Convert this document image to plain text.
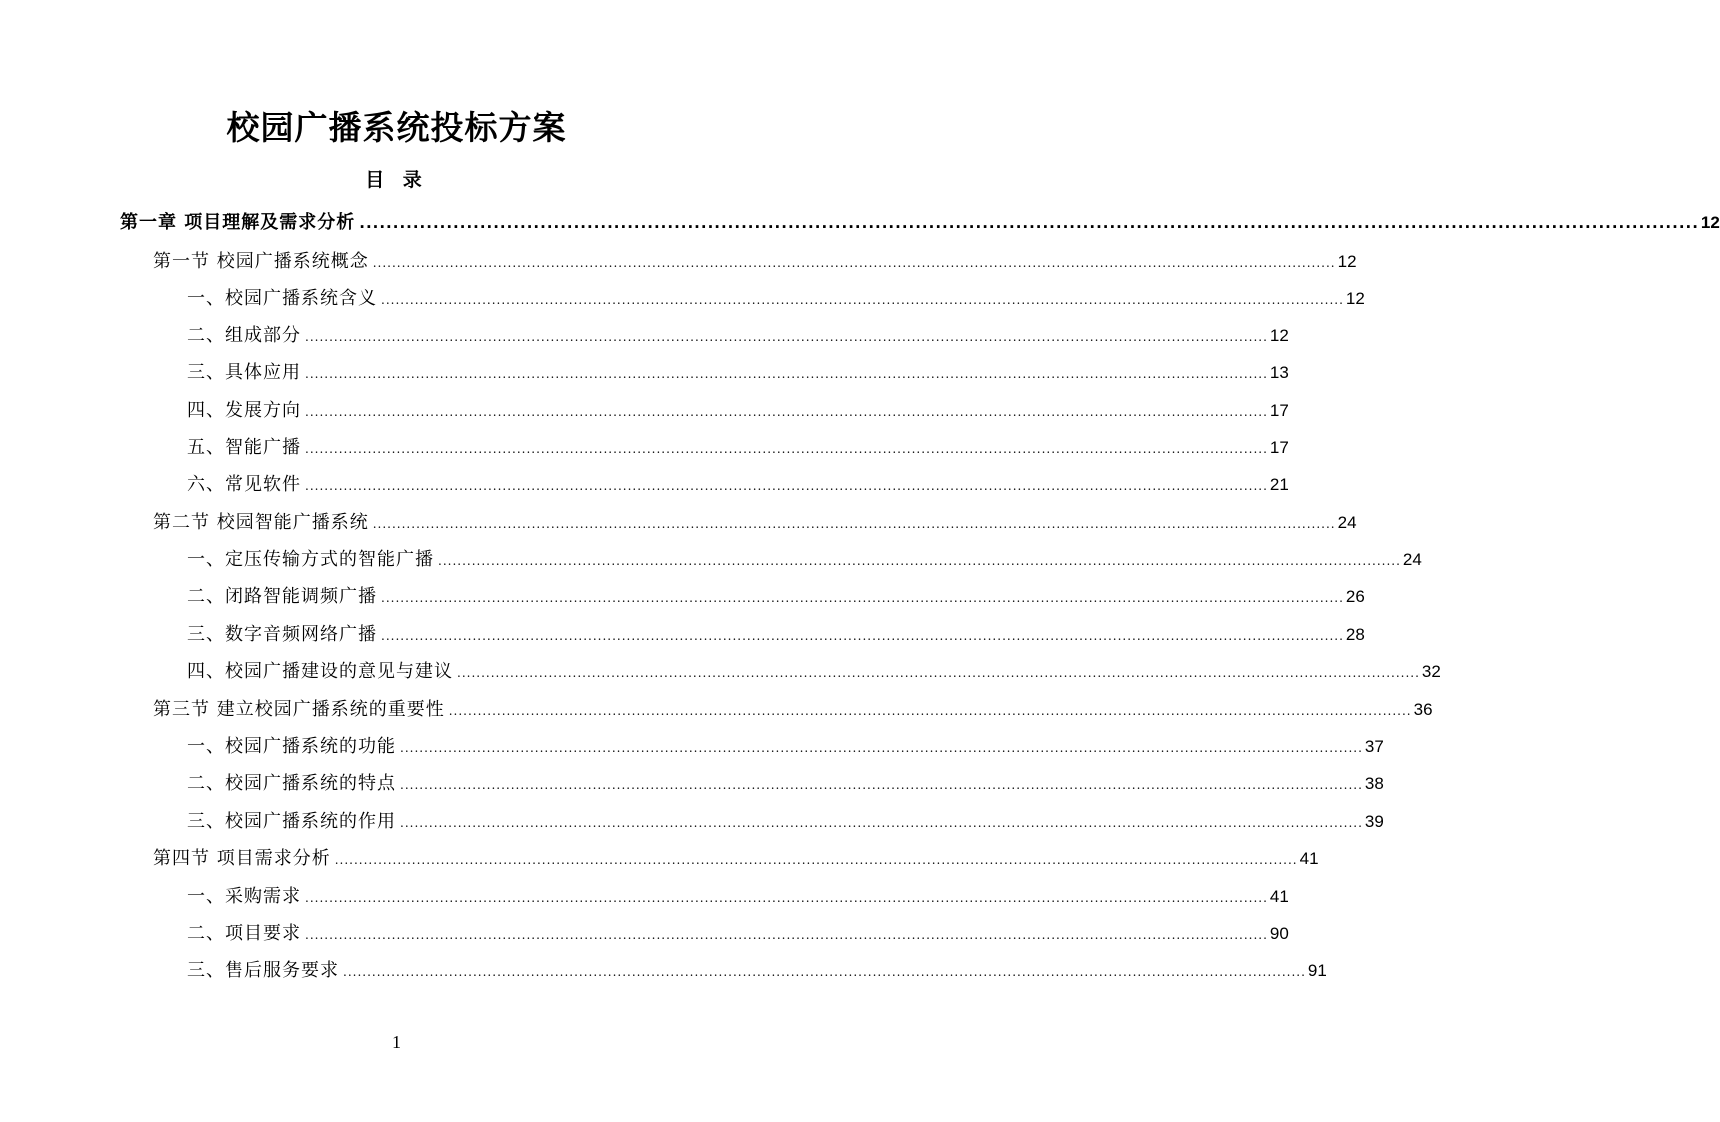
校园广播系统投标方案
目 录
第一章 项目理解及需求分析 ........................................................................................................................................................................................................ 12
第一节 校园广播系统概念 ........................................................................................................................................................................................................ 12
一、校园广播系统含义 ........................................................................................................................................................................................................ 12
二、组成部分 ........................................................................................................................................................................................................ 12
三、具体应用 ........................................................................................................................................................................................................ 13
四、发展方向 ........................................................................................................................................................................................................ 17
五、智能广播 ........................................................................................................................................................................................................ 17
六、常见软件 ........................................................................................................................................................................................................ 21
第二节 校园智能广播系统 ........................................................................................................................................................................................................ 24
一、定压传输方式的智能广播 ........................................................................................................................................................................................................ 24
二、闭路智能调频广播 ........................................................................................................................................................................................................ 26
三、数字音频网络广播 ........................................................................................................................................................................................................ 28
四、校园广播建设的意见与建议 ........................................................................................................................................................................................................ 32
第三节 建立校园广播系统的重要性 ........................................................................................................................................................................................................ 36
一、校园广播系统的功能 ........................................................................................................................................................................................................ 37
二、校园广播系统的特点 ........................................................................................................................................................................................................ 38
三、校园广播系统的作用 ........................................................................................................................................................................................................ 39
第四节 项目需求分析 ........................................................................................................................................................................................................ 41
一、采购需求 ........................................................................................................................................................................................................ 41
二、项目要求 ........................................................................................................................................................................................................ 90
三、售后服务要求 ........................................................................................................................................................................................................ 91
1
